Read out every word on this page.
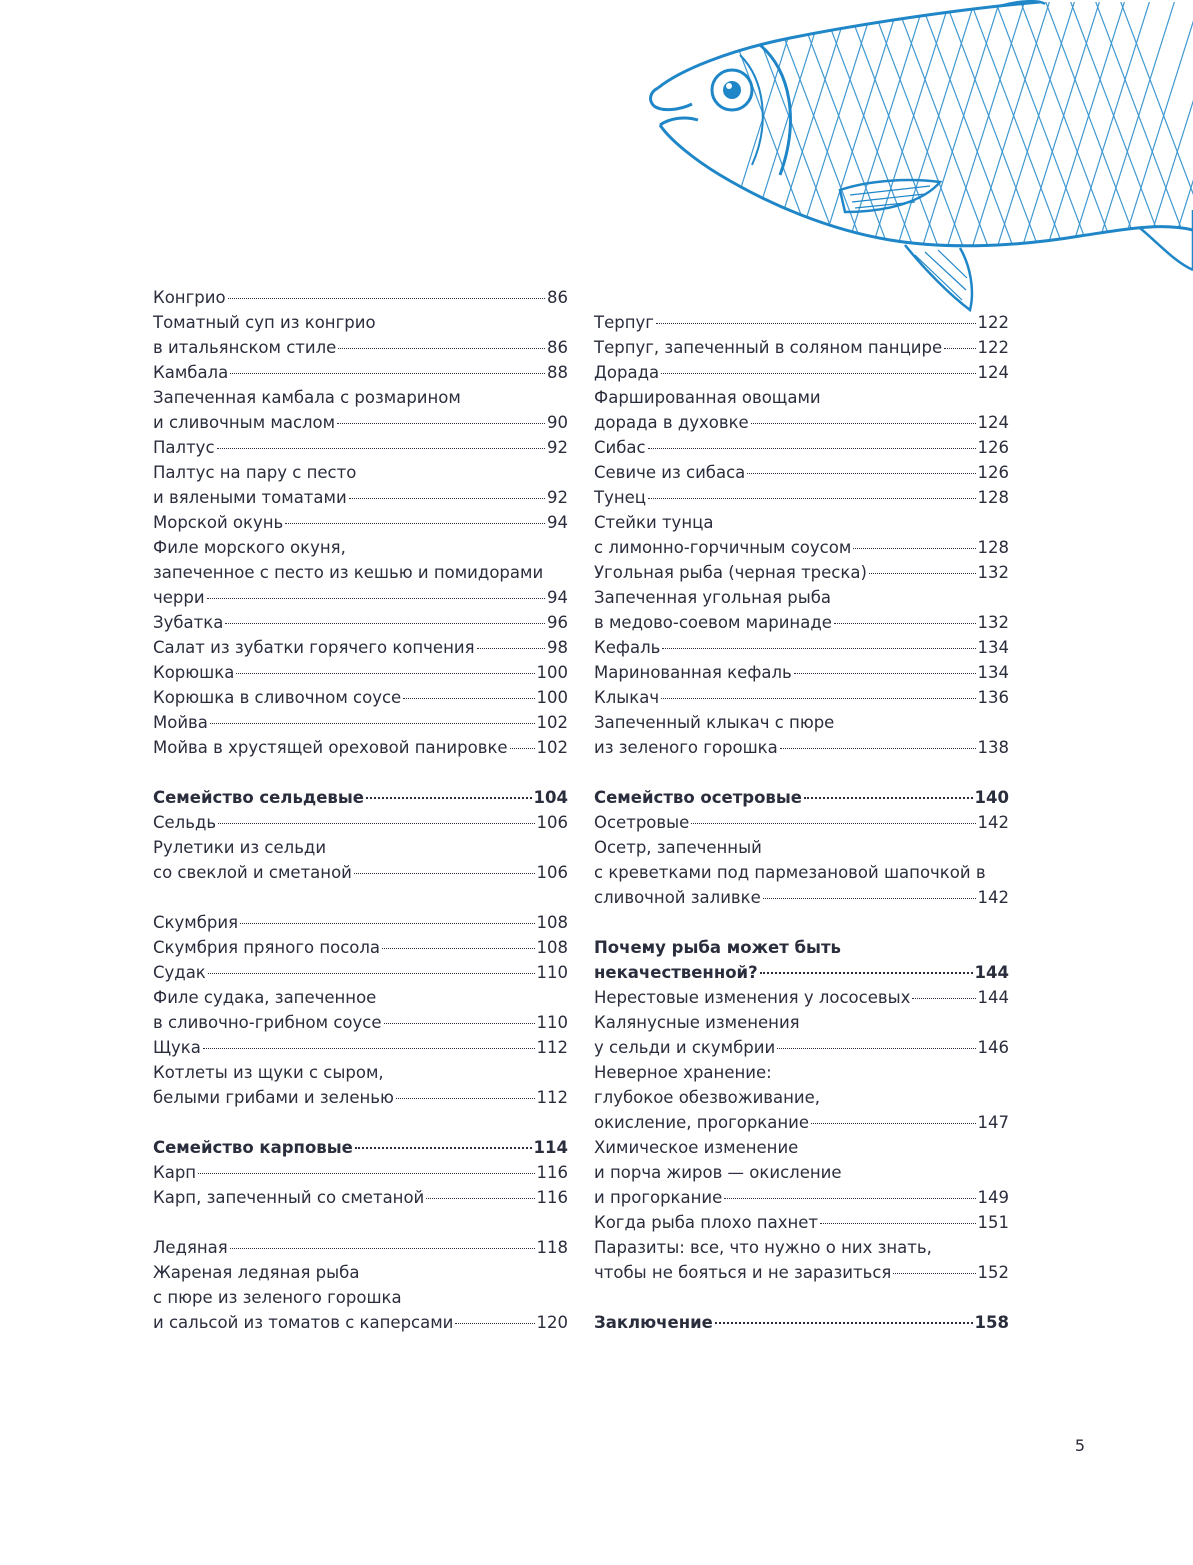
Конгрио	86
Томатный суп из конгрио
в итальянском стиле	86
Камбала	88
Запеченная камбала с розмарином
и сливочным маслом	90
Палтус	92
Палтус на пару с песто
и вялеными томатами	92
Морской окунь	94
Филе морского окуня,
запеченное с песто из кешью и помидорами
черри	94
Зубатка	96
Салат из зубатки горячего копчения	98
Корюшка	100
Корюшка в сливочном соусе	100
Мойва	102
Мойва в хрустящей ореховой панировке 102
Семейство сельдевые	104
Сельдь	106
Рулетики из сельди
со свеклой и сметаной	106
Скумбрия	108
Скумбрия пряного посола	108
Судак	110
Филе судака, запеченное
в сливочно-грибном соусе	110
Щука	112
Котлеты из щуки с сыром,
белыми грибами и зеленью	112
Семейство карповые	114
Карп	116
Карп, запеченный со сметаной	116
Ледяная	118
Жареная ледяная рыба
с пюре из зеленого горошка
и сальсой из томатов с каперсами	120
Терпуг	122
Терпуг, запеченный в соляном панцире 122
Дорада	124
Фаршированная овощами
дорада в духовке	124
Сибас	126
Севиче из сибаса	126
Тунец	128
Стейки тунца
с лимонно-горчичным соусом	128
Угольная рыба (черная треска)	132
Запеченная угольная рыба
в медово-соевом маринаде	132
Кефаль	134
Маринованная кефаль	134
Клыкач	136
Запеченный клыкач с пюре
из зеленого горошка	138
Семейство осетровые	140
Осетровые	142
Осетр, запеченный
с креветками под пармезановой шапочкой в
сливочной заливке	142
Почему рыба может быть
некачественной?	144
Нерестовые изменения у лососевых	144
Калянусные изменения
у сельди и скумбрии	146
Неверное хранение:
глубокое обезвоживание,
окисление, прогоркание	147
Химическое изменение
и порча жиров — окисление
и прогоркание	149
Когда рыба плохо пахнет	151
Паразиты: все, что нужно о них знать,
чтобы не бояться и не заразиться	152
Заключение	158
5
